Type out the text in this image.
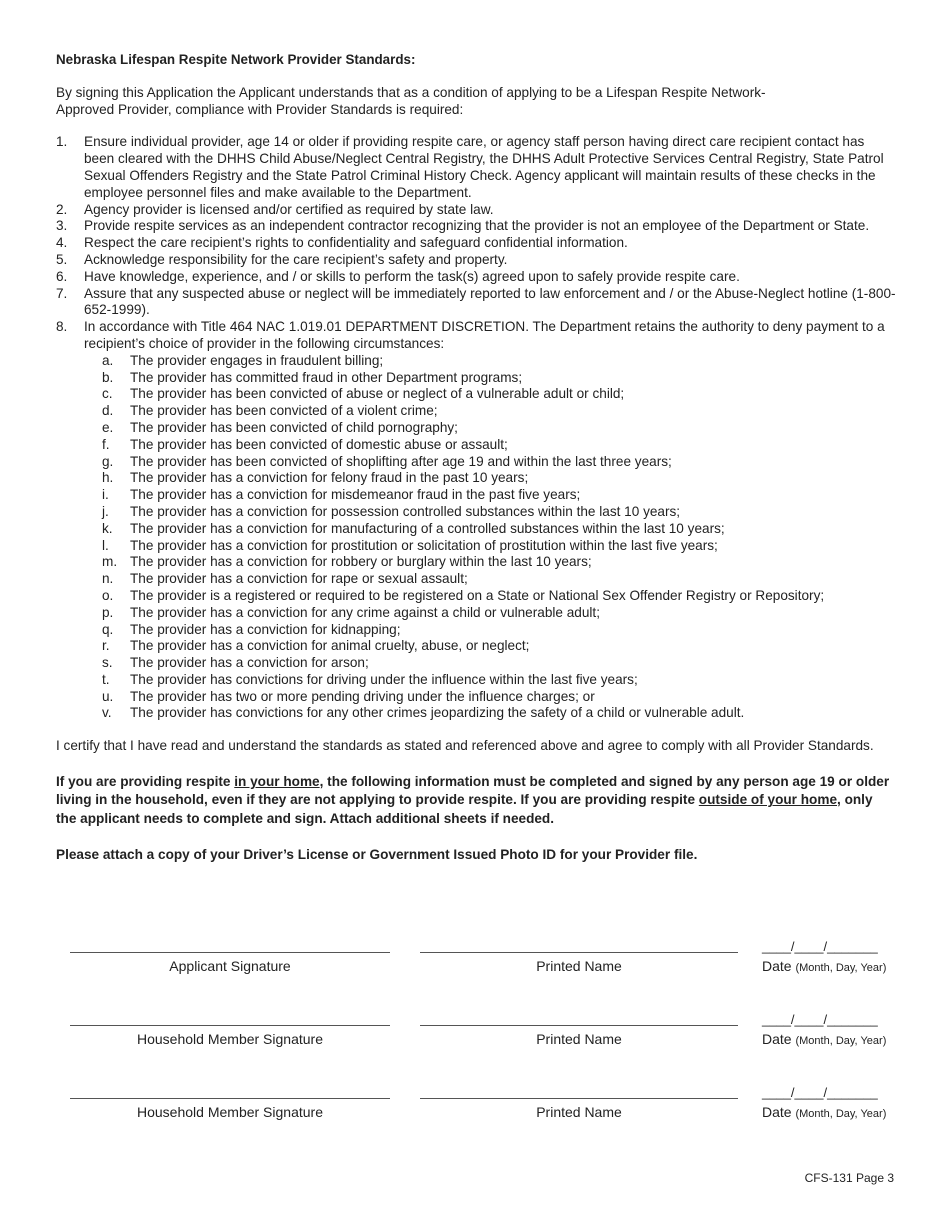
Nebraska Lifespan Respite Network Provider Standards:

By signing this Application the Applicant understands that as a condition of applying to be a Lifespan Respite Network-
Approved Provider, compliance with Provider Standards is required:

1. Ensure individual provider, age 14 or older if providing respite care, or agency staff person having direct care recipient contact has been cleared with the DHHS Child Abuse/Neglect Central Registry, the DHHS Adult Protective Services Central Registry, State Patrol Sexual Offenders Registry and the State Patrol Criminal History Check. Agency applicant will maintain results of these checks in the employee personnel files and make available to the Department.
2. Agency provider is licensed and/or certified as required by state law.
3. Provide respite services as an independent contractor recognizing that the provider is not an employee of the Department or State.
4. Respect the care recipient’s rights to confidentiality and safeguard confidential information.
5. Acknowledge responsibility for the care recipient’s safety and property.
6. Have knowledge, experience, and / or skills to perform the task(s) agreed upon to safely provide respite care.
7. Assure that any suspected abuse or neglect will be immediately reported to law enforcement and / or the Abuse-Neglect hotline (1-800-652-1999).
8. In accordance with Title 464 NAC 1.019.01 DEPARTMENT DISCRETION. The Department retains the authority to deny payment to a recipient’s choice of provider in the following circumstances:
a. The provider engages in fraudulent billing;
b. The provider has committed fraud in other Department programs;
c. The provider has been convicted of abuse or neglect of a vulnerable adult or child;
d. The provider has been convicted of a violent crime;
e. The provider has been convicted of child pornography;
f. The provider has been convicted of domestic abuse or assault;
g. The provider has been convicted of shoplifting after age 19 and within the last three years;
h. The provider has a conviction for felony fraud in the past 10 years;
i. The provider has a conviction for misdemeanor fraud in the past five years;
j. The provider has a conviction for possession controlled substances within the last 10 years;
k. The provider has a conviction for manufacturing of a controlled substances within the last 10 years;
l. The provider has a conviction for prostitution or solicitation of prostitution within the last five years;
m. The provider has a conviction for robbery or burglary within the last 10 years;
n. The provider has a conviction for rape or sexual assault;
o. The provider is a registered or required to be registered on a State or National Sex Offender Registry or Repository;
p. The provider has a conviction for any crime against a child or vulnerable adult;
q. The provider has a conviction for kidnapping;
r. The provider has a conviction for animal cruelty, abuse, or neglect;
s. The provider has a conviction for arson;
t. The provider has convictions for driving under the influence within the last five years;
u. The provider has two or more pending driving under the influence charges; or
v. The provider has convictions for any other crimes jeopardizing the safety of a child or vulnerable adult.

I certify that I have read and understand the standards as stated and referenced above and agree to comply with all Provider Standards.

If you are providing respite in your home, the following information must be completed and signed by any person age 19 or older living in the household, even if they are not applying to provide respite. If you are providing respite outside of your home, only the applicant needs to complete and sign. Attach additional sheets if needed.

Please attach a copy of your Driver’s License or Government Issued Photo ID for your Provider file.

Applicant Signature	Printed Name
____/____/_______
Date (Month, Day, Year)
Household Member Signature	Printed Name
____/____/_______
Date (Month, Day, Year)
Household Member Signature	Printed Name
____/____/_______
Date (Month, Day, Year)
CFS-131 Page 3
